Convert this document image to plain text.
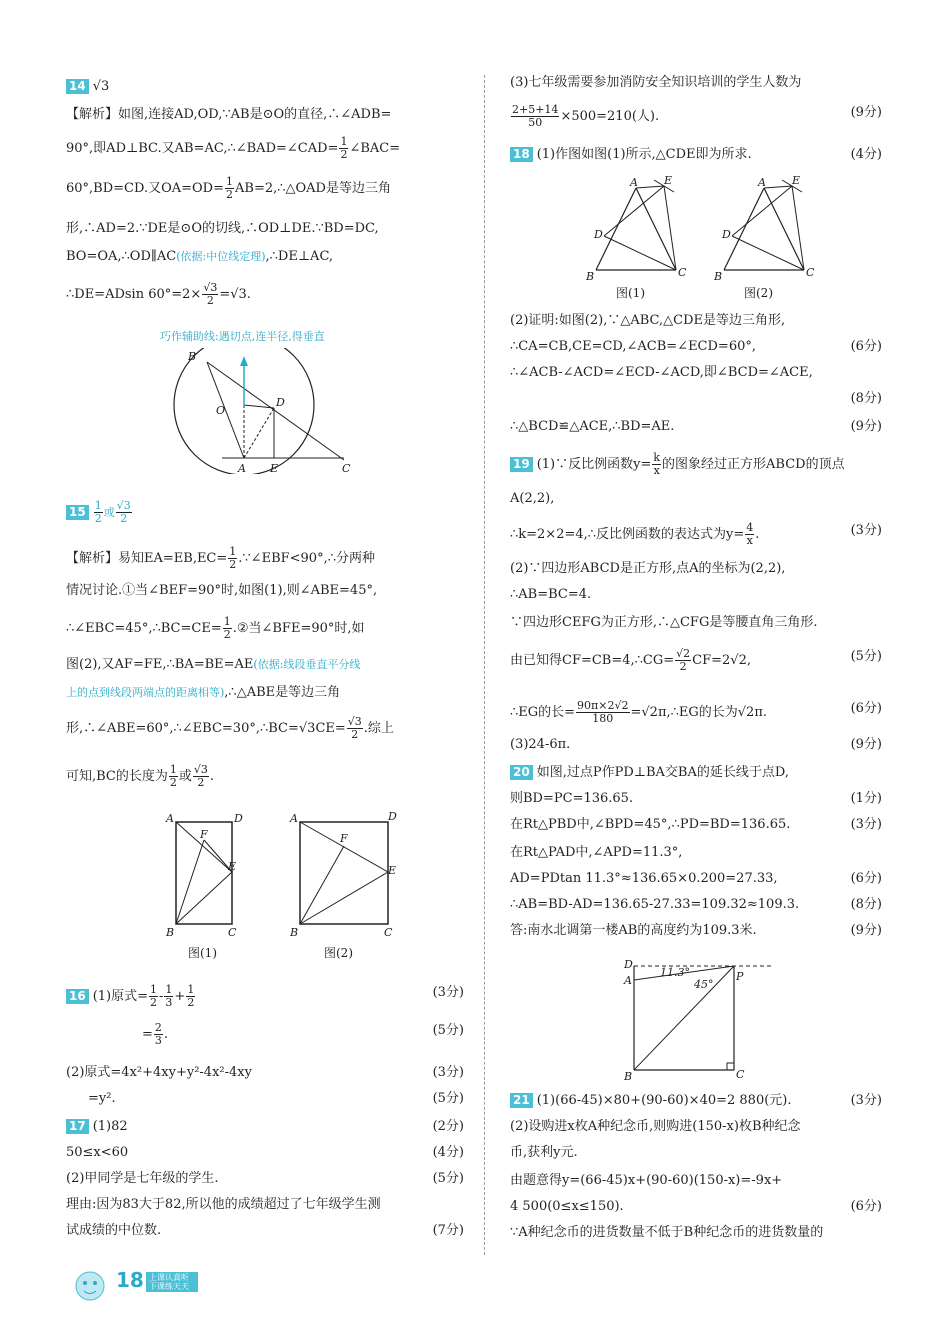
14 √3
【解析】如图,连接AD,OD,∵AB是⊙O的直径,∴∠ADB=
90°,即AD⊥BC.又AB=AC,∴∠BAD=∠CAD= $\frac{1}{2}$ ∠BAC=
60°,BD=CD.又$OA=OD= \frac{1}{2}$ AB=2,∴△OAD是等边三角
形,∴AD=2.∵DE是⊙O的切线,∴OD⊥DE.∵BD=DC,
BO=OA,∴OD∥AC(依据:中位线定理),∴DE⊥AC,
∴DE=ADsin $60^\circ=2\times \frac{√3}{2} =√3$.
巧作辅助线:遇切点,连半径,得垂直
B
O
D
A E	C
$15 \frac{1}{2}$ 或 $\frac{√3}{2}$
【解析】易知$EA=EB,EC= \frac{1}{2}$ .∵∠EBF<90°,∴分两种
情况讨论.①当∠BEF=90°时,如图(1),则∠ABE=45°,
∴∠EBC=45°,∴BC=CE= $\frac{1}{2}$ .②当∠BFE=90°时,如
图(2),又AF=FE,∴BA=BE=AE(依据:线段垂直平分线
上的点到线段两端点的距离相等),∴△ABE是等边三角
形,∴∠ABE=60°,∴∠EBC=30°,∴BC=√3CE= $\frac{√3}{2}$ .综上
可知,BC的长度为 $\frac{1}{2}$ 或 $\frac{√3}{2}$ .
A	D
F
E
B	C
图(1)
A	D
F
E
B	C
图(2)
16 (1)原式= $\frac{1}{2} - \frac{1}{3} + \frac{1}{2}$	(3分)
= $\frac{2}{3}$ .	(5分)
(2)原式=4x²+4xy+y²-4x²-4xy	(3分)
=y².	(5分)
17 (1)82	(2分)
50≤x<60	(4分)
(2)甲同学是七年级的学生.	(5分)
理由:因为83大于82,所以他的成绩超过了七年级学生测
试成绩的中位数.	(7分)
(3)七年级需要参加消防安全知识培训的学生人数为
$\frac{2+5+14}{50} \times 500=210$(人).	(9分)
18 (1)作图如图(1)所示,△CDE即为所求.	(4分)
A E
D
B	C
图(1)
A E
D
B	C
图(2)
(2)证明:如图(2),∵△ABC,△CDE是等边三角形,
∴CA=CB,CE=CD,∠ACB=∠ECD=60°,	(6分)
∴∠ACB-∠ACD=∠ECD-∠ACD,即∠BCD=∠ACE,
(8分)
∴△BCD≌△ACE,∴BD=AE.	(9分)
19 (1)∵反比例函数$y= \frac{k}{x}$ 的图象经过正方形ABCD的顶点
A(2,2),
∴k=2×2=4,∴反比例函数的表达式为$y= \frac{4}{x}$ .	(3分)
(2)∵四边形ABCD是正方形,点A的坐标为(2,2),
∴AB=BC=4.
∵四边形CEFG为正方形,∴△CFG是等腰直角三角形.
由已知得CF=CB=4,∴CG= $\frac{√2}{2} CF=2√2$,	(5分)
∴EG的长= $\frac{90\pi\times 2√2}{180}$ =√2π,∴EG的长为√2π.	(6分)
(3)24-6π.	(9分)
20 如图,过点P作PD⊥BA交BA的延长线于点D,
则BD=PC=136.65.	(1分)
在Rt△PBD中,∠BPD=45°,∴PD=BD=136.65.	(3分)
在Rt△PAD中,∠APD=11.3°,
AD=PDtan 11.3°≈136.65×0.200=27.33,	(6分)
∴AB=BD-AD=136.65-27.33=109.32≈109.3.	(8分)
答:南水北调第一楼AB的高度约为109.3米.	(9分)
D
A	P
B	C
11.3°
45°
21 (1)(66-45)×80+(90-60)×40=2 880(元).	(3分)
(2)设购进x枚A种纪念币,则购进(150-x)枚B种纪念
币,获利y元.
由题意得y=(66-45)x+(90-60)(150-x)=-9x+
4 500(0≤x≤150).	(6分)
∵A种纪念币的进货数量不低于B种纪念币的进货数量的
18 上课认真听 下课练天天
